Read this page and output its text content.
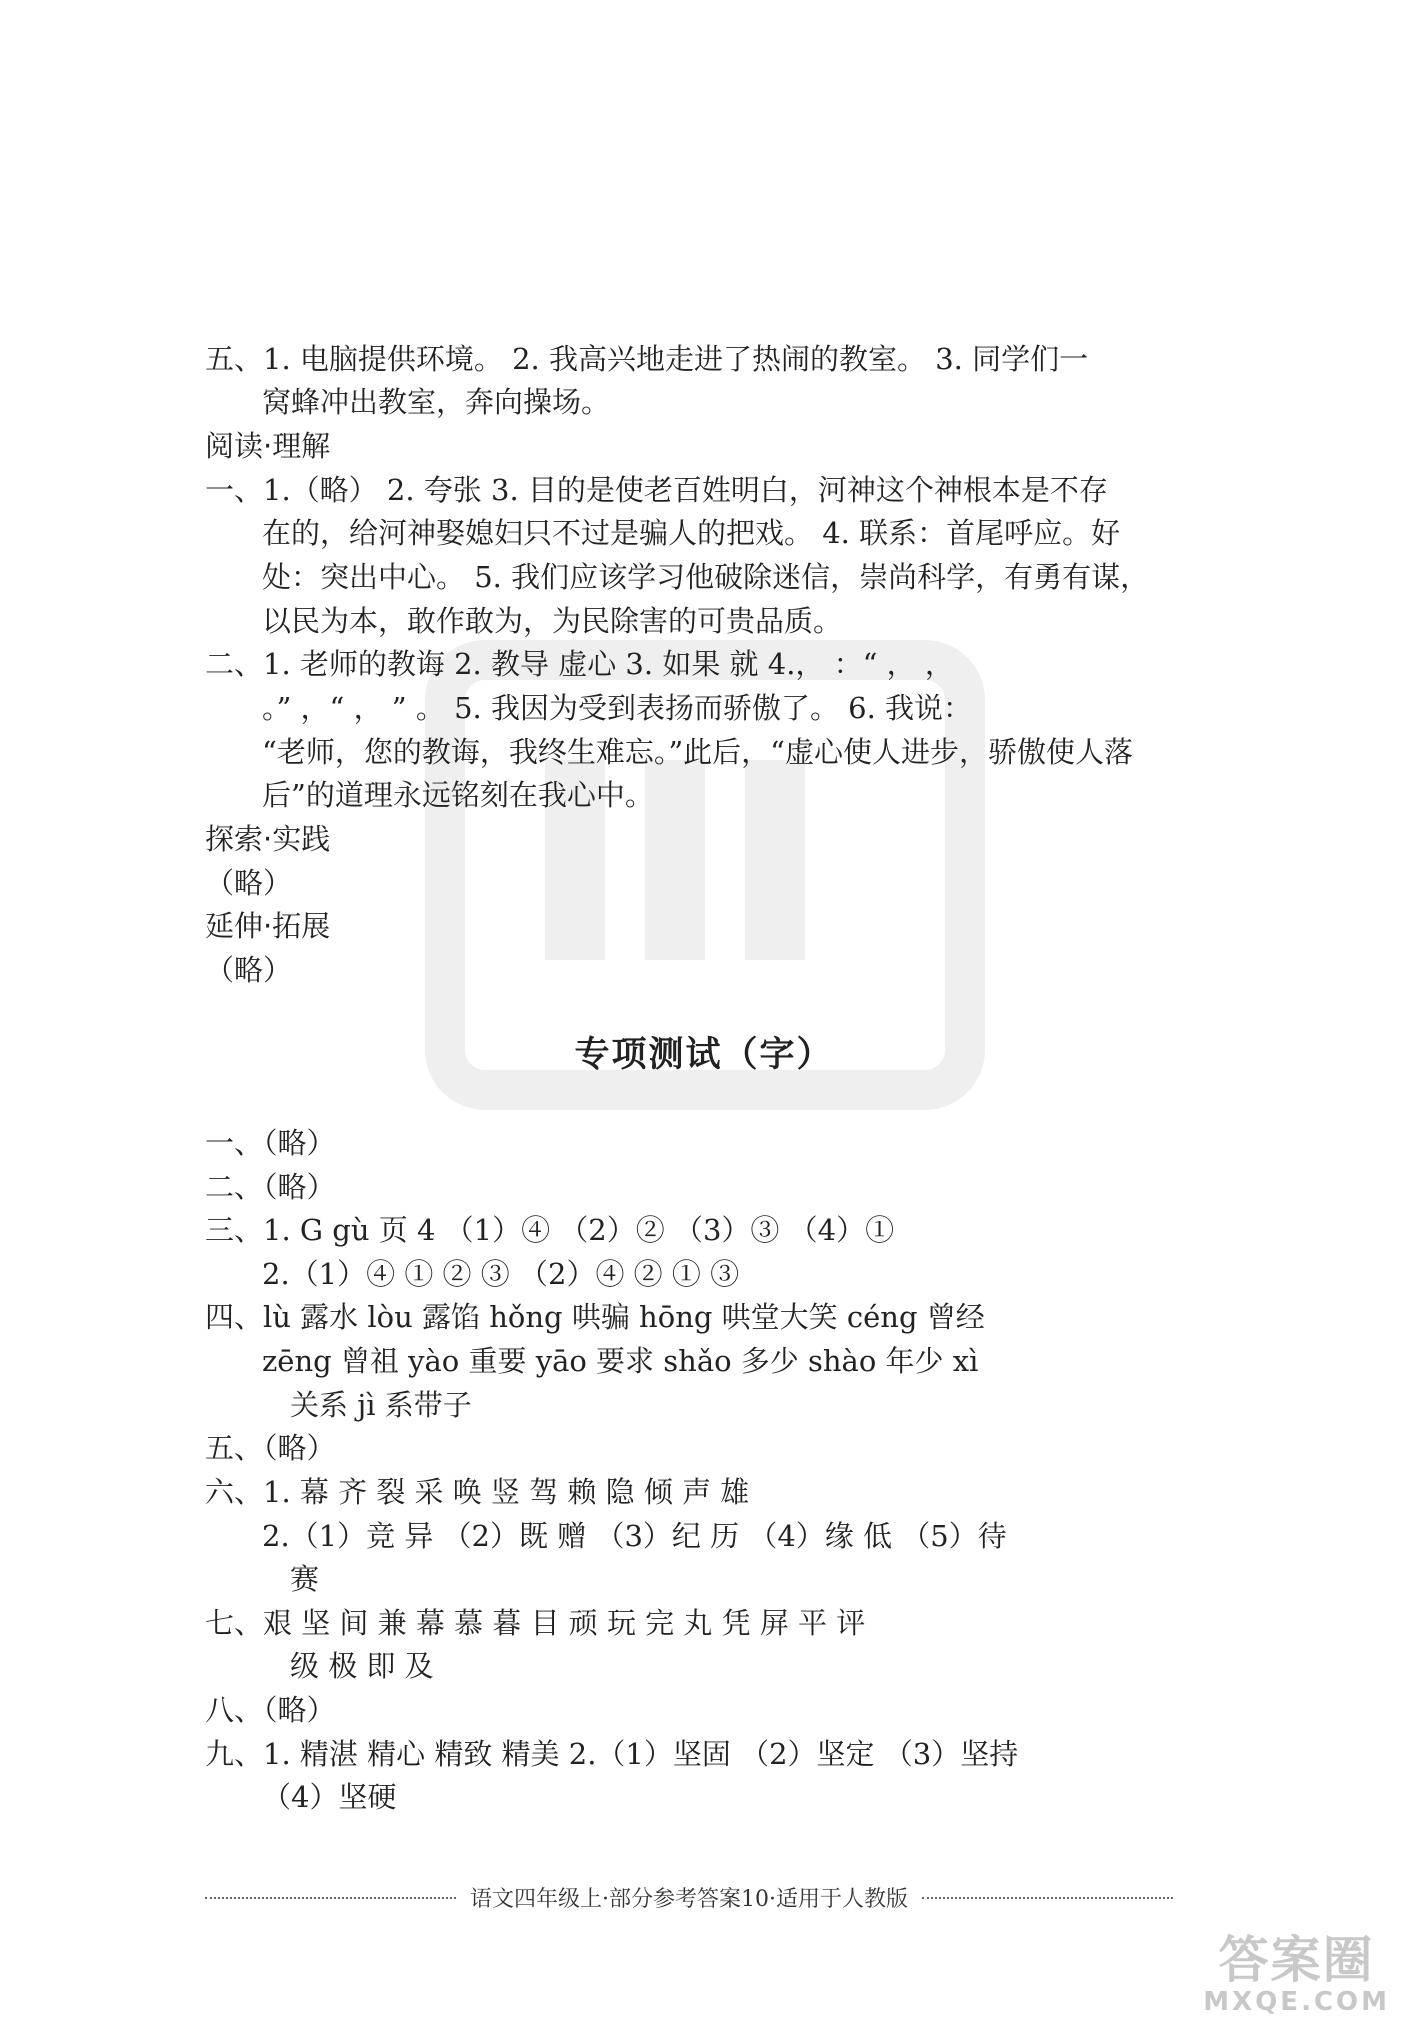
五、1. 电脑提供环境。 2. 我高兴地走进了热闹的教室。 3. 同学们一
窝蜂冲出教室，奔向操场。
阅读·理解
一、1.（略） 2. 夸张 3. 目的是使老百姓明白，河神这个神根本是不存
在的，给河神娶媳妇只不过是骗人的把戏。 4. 联系：首尾呼应。好
处：突出中心。 5. 我们应该学习他破除迷信，崇尚科学，有勇有谋，
以民为本，敢作敢为，为民除害的可贵品质。
二、1. 老师的教诲 2. 教导 虚心 3. 如果 就 4.， ：“ ， ，
。” ，“ ， ” 。 5. 我因为受到表扬而骄傲了。 6. 我说：
“老师，您的教诲，我终生难忘。”此后，“虚心使人进步，骄傲使人落
后”的道理永远铭刻在我心中。
探索·实践
（略）
延伸·拓展
（略）
专项测试（字）
一、（略）
二、（略）
三、1. G gù 页 4 （1）④ （2）② （3）③ （4）①
2.（1）④ ① ② ③ （2）④ ② ① ③
四、lù 露水 lòu 露馅 hǒng 哄骗 hōng 哄堂大笑 céng 曾经
zēng 曾祖 yào 重要 yāo 要求 shǎo 多少 shào 年少 xì
关系 jì 系带子
五、（略）
六、1. 幕 齐 裂 采 唤 竖 驾 赖 隐 倾 声 雄
2.（1）竞 异 （2）既 赠 （3）纪 历 （4）缘 低 （5）待
赛
七、艰 坚 间 兼 幕 慕 暮 目 顽 玩 完 丸 凭 屏 平 评
级 极 即 及
八、（略）
九、1. 精湛 精心 精致 精美 2.（1）坚固 （2）坚定 （3）坚持
（4）坚硬
语文四年级上·部分参考答案10·适用于人教版
答案圈
MXQE.COM
